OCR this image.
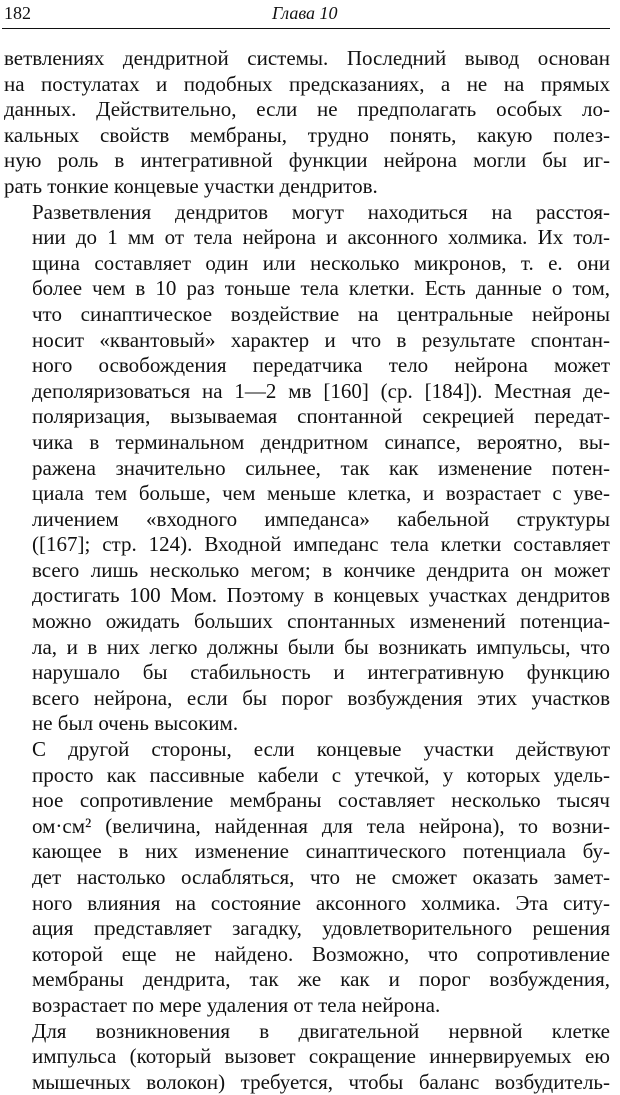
182	Глава 10

ветвлениях дендритной системы. Последний вывод основан
на постулатах и подобных предсказаниях, а не на прямых
данных. Действительно, если не предполагать особых ло-
кальных свойств мембраны, трудно понять, какую полез-
ную роль в интегративной функции нейрона могли бы иг-
рать тонкие концевые участки дендритов.

Разветвления дендритов могут находиться на расстоя-
нии до 1 мм от тела нейрона и аксонного холмика. Их тол-
щина составляет один или несколько микронов, т. е. они
более чем в 10 раз тоньше тела клетки. Есть данные о том,
что синаптическое воздействие на центральные нейроны
носит «квантовый» характер и что в результате спонтан-
ного освобождения передатчика тело нейрона может
деполяризоваться на 1—2 мв [160] (ср. [184]). Местная де-
поляризация, вызываемая спонтанной секрецией передат-
чика в терминальном дендритном синапсе, вероятно, вы-
ражена значительно сильнее, так как изменение потен-
циала тем больше, чем меньше клетка, и возрастает с уве-
личением «входного импеданса» кабельной структуры
([167]; стр. 124). Входной импеданс тела клетки составляет
всего лишь несколько мегом; в кончике дендрита он может
достигать 100 Мом. Поэтому в концевых участках дендритов
можно ожидать больших спонтанных изменений потенциа-
ла, и в них легко должны были бы возникать импульсы, что
нарушало бы стабильность и интегративную функцию
всего нейрона, если бы порог возбуждения этих участков
не был очень высоким.

С другой стороны, если концевые участки действуют
просто как пассивные кабели с утечкой, у которых удель-
ное сопротивление мембраны составляет несколько тысяч
ом·см² (величина, найденная для тела нейрона), то возни-
кающее в них изменение синаптического потенциала бу-
дет настолько ослабляться, что не сможет оказать замет-
ного влияния на состояние аксонного холмика. Эта ситу-
ация представляет загадку, удовлетворительного решения
которой еще не найдено. Возможно, что сопротивление
мембраны дендрита, так же как и порог возбуждения,
возрастает по мере удаления от тела нейрона.

Для возникновения в двигательной нервной клетке
импульса (который вызовет сокращение иннервируемых ею
мышечных волокон) требуется, чтобы баланс возбудитель-
